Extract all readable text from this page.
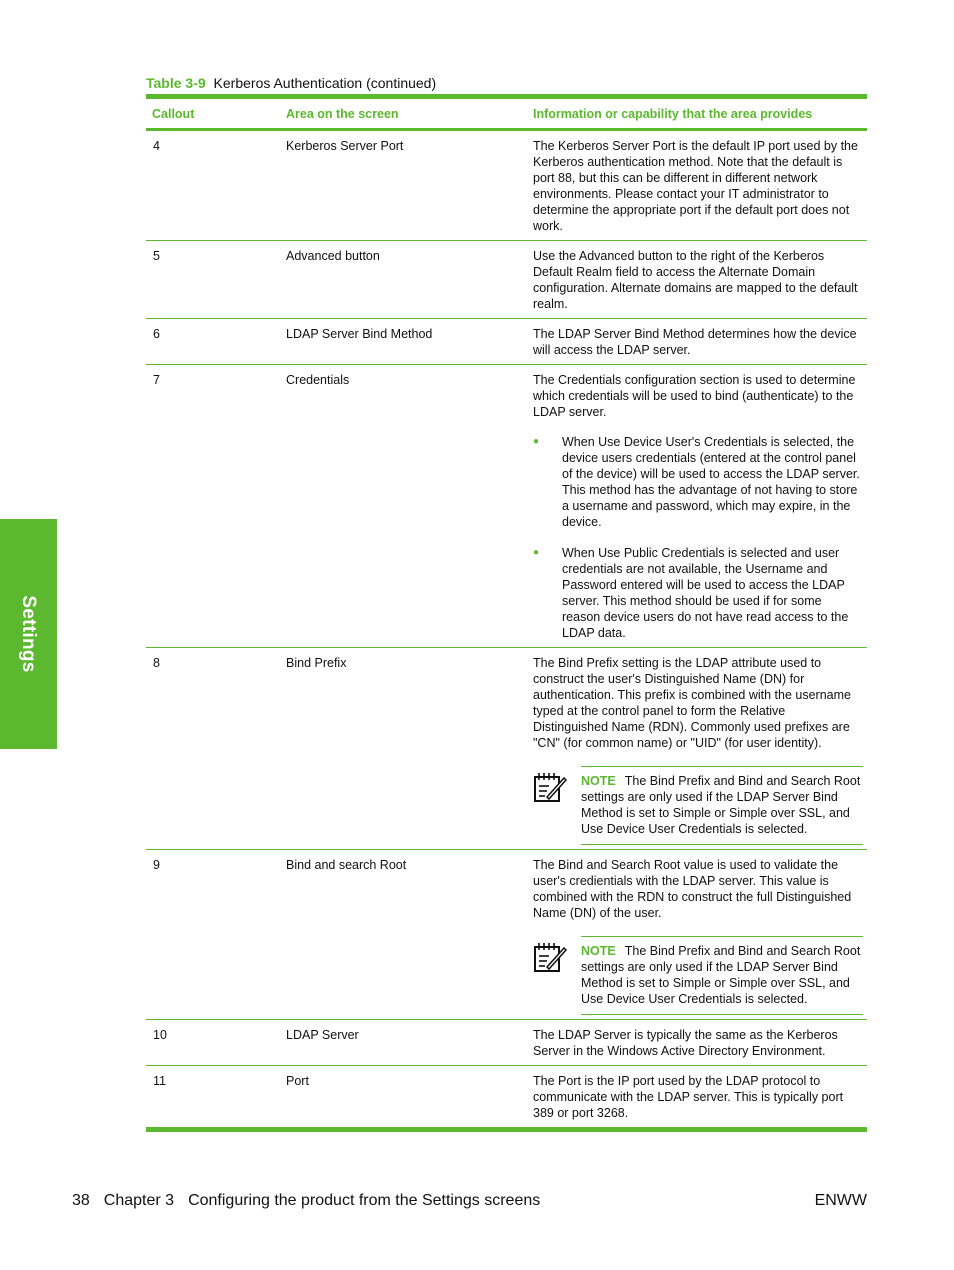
Settings
Table 3-9 Kerberos Authentication (continued)
Callout	Area on the screen	Information or capability that the area provides
4	Kerberos Server Port	The Kerberos Server Port is the default IP port used by the Kerberos authentication method. Note that the default is port 88, but this can be different in different network environments. Please contact your IT administrator to determine the appropriate port if the default port does not work.

5	Advanced button	Use the Advanced button to the right of the Kerberos Default Realm field to access the Alternate Domain configuration. Alternate domains are mapped to the default realm.

6	LDAP Server Bind Method	The LDAP Server Bind Method determines how the device will access the LDAP server.

7	Credentials	The Credentials configuration section is used to determine which credentials will be used to bind (authenticate) to the LDAP server.

● When Use Device User's Credentials is selected, the device users credentials (entered at the control panel of the device) will be used to access the LDAP server. This method has the advantage of not having to store a username and password, which may expire, in the device.
● When Use Public Credentials is selected and user credentials are not available, the Username and Password entered will be used to access the LDAP server. This method should be used if for some reason device users do not have read access to the LDAP data.
8	Bind Prefix	The Bind Prefix setting is the LDAP attribute used to construct the user's Distinguished Name (DN) for authentication. This prefix is combined with the username typed at the control panel to form the Relative Distinguished Name (RDN). Commonly used prefixes are "CN" (for common name) or "UID" (for user identity).

NOTE The Bind Prefix and Bind and Search Root settings are only used if the LDAP Server Bind Method is set to Simple or Simple over SSL, and Use Device User Credentials is selected.
9	Bind and search Root	The Bind and Search Root value is used to validate the user's credientials with the LDAP server. This value is combined with the RDN to construct the full Distinguished Name (DN) of the user.

NOTE The Bind Prefix and Bind and Search Root settings are only used if the LDAP Server Bind Method is set to Simple or Simple over SSL, and Use Device User Credentials is selected.
10	LDAP Server	The LDAP Server is typically the same as the Kerberos Server in the Windows Active Directory Environment.

11	Port	The Port is the IP port used by the LDAP protocol to communicate with the LDAP server. This is typically port 389 or port 3268.

38 Chapter 3 Configuring the product from the Settings screens	ENWW
